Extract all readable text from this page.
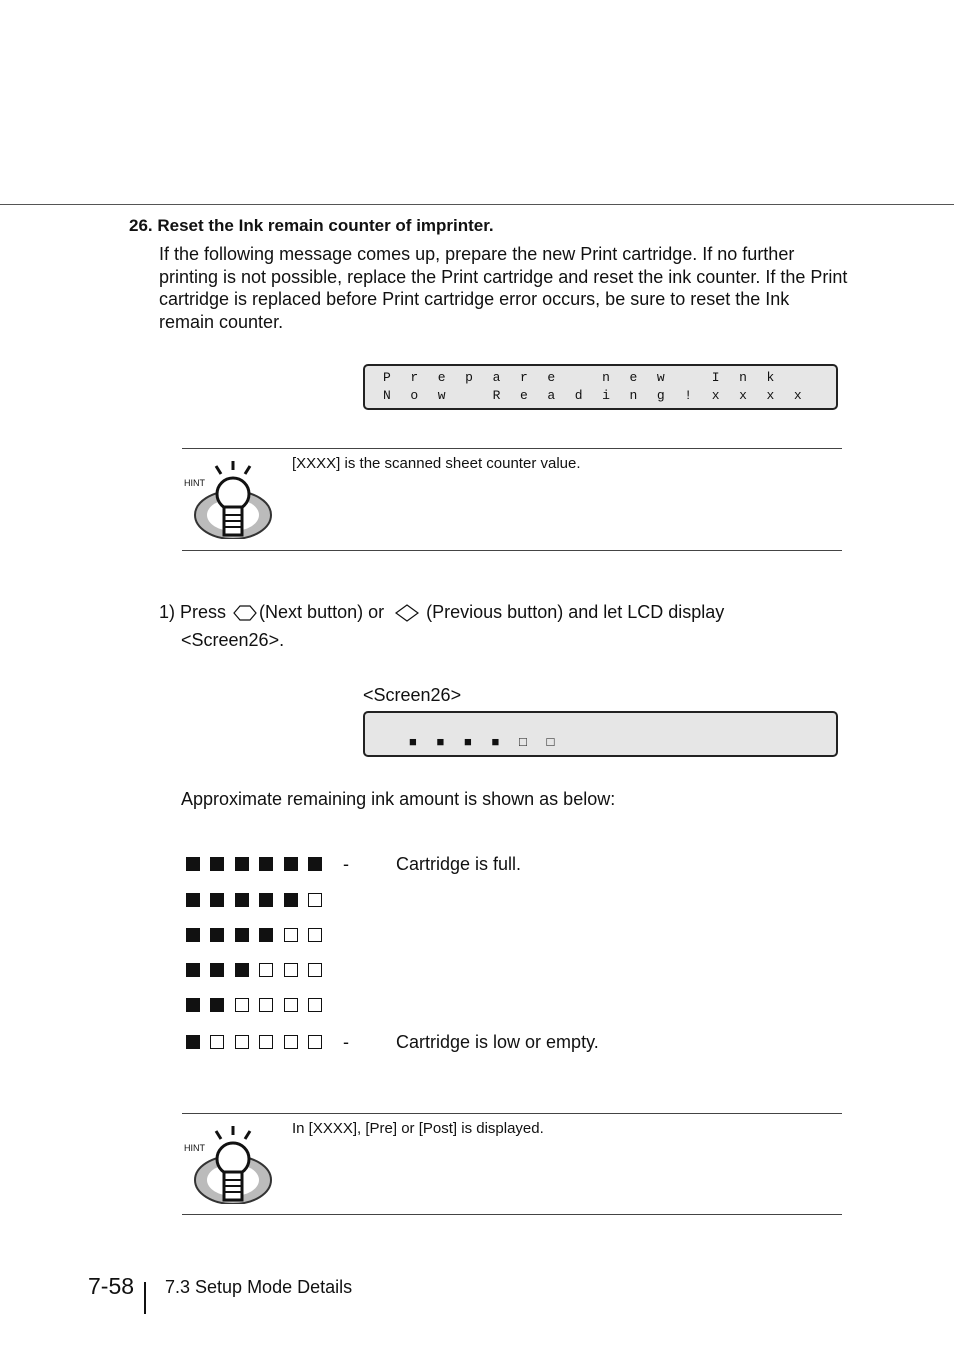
26. Reset the Ink remain counter of imprinter.
If the following message comes up, prepare the new Print cartridge. If no further printing is not possible, replace the Print cartridge and reset the ink counter. If the Print cartridge is replaced before Print cartridge error occurs, be sure to reset the Ink remain counter.
P r e p a r e	n e w	I n k
N o w	R e a d i n g ! x x x x
HINT
[XXXX] is the scanned sheet counter value.
1) Press (Next button) or (Previous button) and let LCD display
<Screen26>.
<Screen26>
■ ■ ■ ■ □ □
Approximate remaining ink amount is shown as below:
-	Cartridge is full.
-	Cartridge is low or empty.
HINT
In [XXXX], [Pre] or [Post] is displayed.
7-58 7.3 Setup Mode Details
